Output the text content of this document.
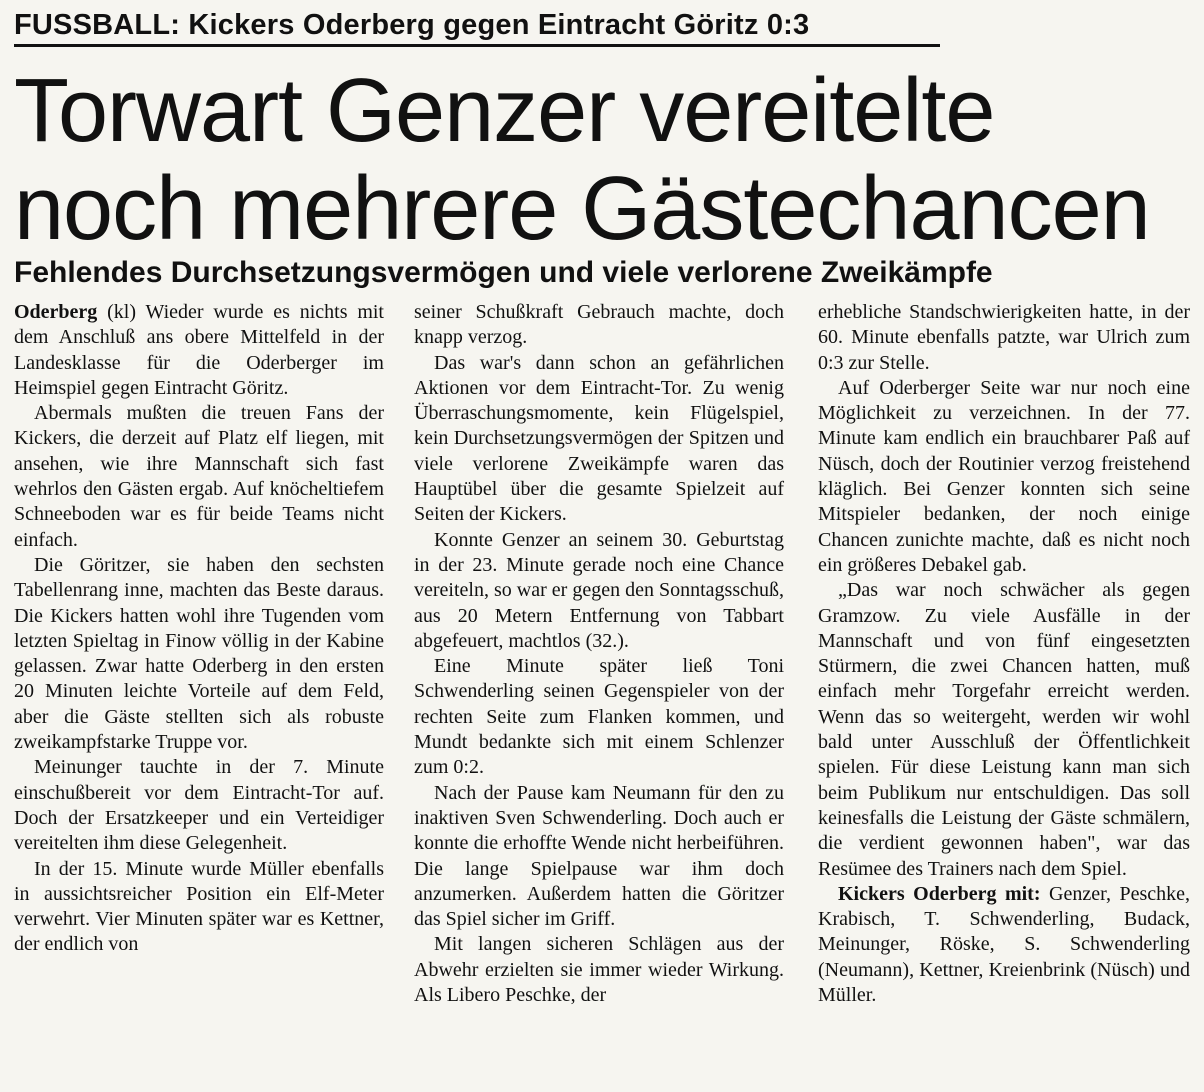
FUSSBALL: Kickers Oderberg gegen Eintracht Göritz 0:3
Torwart Genzer vereitelte
noch mehrere Gästechancen
Fehlendes Durchsetzungsvermögen und viele verlorene Zweikämpfe
Oderberg (kl) Wieder wurde es nichts mit dem Anschluß ans obere Mittelfeld in der Landesklasse für die Oderberger im Heimspiel gegen Eintracht Göritz.
Abermals mußten die treuen Fans der Kickers, die derzeit auf Platz elf liegen, mit ansehen, wie ihre Mannschaft sich fast wehrlos den Gästen ergab. Auf knöcheltiefem Schneeboden war es für beide Teams nicht einfach.
Die Göritzer, sie haben den sechsten Tabellenrang inne, machten das Beste daraus. Die Kickers hatten wohl ihre Tugenden vom letzten Spieltag in Finow völlig in der Kabine gelassen. Zwar hatte Oderberg in den ersten 20 Minuten leichte Vorteile auf dem Feld, aber die Gäste stellten sich als robuste zweikampfstarke Truppe vor.
Meinunger tauchte in der 7. Minute einschußbereit vor dem Eintracht-Tor auf. Doch der Ersatzkeeper und ein Verteidiger vereitelten ihm diese Gelegenheit.
In der 15. Minute wurde Müller ebenfalls in aussichtsreicher Position ein Elf-Meter verwehrt. Vier Minuten später war es Kettner, der endlich von
seiner Schußkraft Gebrauch machte, doch knapp verzog.
Das war's dann schon an gefährlichen Aktionen vor dem Eintracht-Tor. Zu wenig Überraschungsmomente, kein Flügelspiel, kein Durchsetzungsvermögen der Spitzen und viele verlorene Zweikämpfe waren das Hauptübel über die gesamte Spielzeit auf Seiten der Kickers.
Konnte Genzer an seinem 30. Geburtstag in der 23. Minute gerade noch eine Chance vereiteln, so war er gegen den Sonntagsschuß, aus 20 Metern Entfernung von Tabbart abgefeuert, machtlos (32.).
Eine Minute später ließ Toni Schwenderling seinen Gegenspieler von der rechten Seite zum Flanken kommen, und Mundt bedankte sich mit einem Schlenzer zum 0:2.
Nach der Pause kam Neumann für den zu inaktiven Sven Schwenderling. Doch auch er konnte die erhoffte Wende nicht herbeiführen. Die lange Spielpause war ihm doch anzumerken. Außerdem hatten die Göritzer das Spiel sicher im Griff.
Mit langen sicheren Schlägen aus der Abwehr erzielten sie immer wieder Wirkung. Als Libero Peschke, der
erhebliche Standschwierigkeiten hatte, in der 60. Minute ebenfalls patzte, war Ulrich zum 0:3 zur Stelle.
Auf Oderberger Seite war nur noch eine Möglichkeit zu verzeichnen. In der 77. Minute kam endlich ein brauchbarer Paß auf Nüsch, doch der Routinier verzog freistehend kläglich. Bei Genzer konnten sich seine Mitspieler bedanken, der noch einige Chancen zunichte machte, daß es nicht noch ein größeres Debakel gab.
„Das war noch schwächer als gegen Gramzow. Zu viele Ausfälle in der Mannschaft und von fünf eingesetzten Stürmern, die zwei Chancen hatten, muß einfach mehr Torgefahr erreicht werden. Wenn das so weitergeht, werden wir wohl bald unter Ausschluß der Öffentlichkeit spielen. Für diese Leistung kann man sich beim Publikum nur entschuldigen. Das soll keinesfalls die Leistung der Gäste schmälern, die verdient gewonnen haben", war das Resümee des Trainers nach dem Spiel.
Kickers Oderberg mit: Genzer, Peschke, Krabisch, T. Schwenderling, Budack, Meinunger, Röske, S. Schwenderling (Neumann), Kettner, Kreienbrink (Nüsch) und Müller.
